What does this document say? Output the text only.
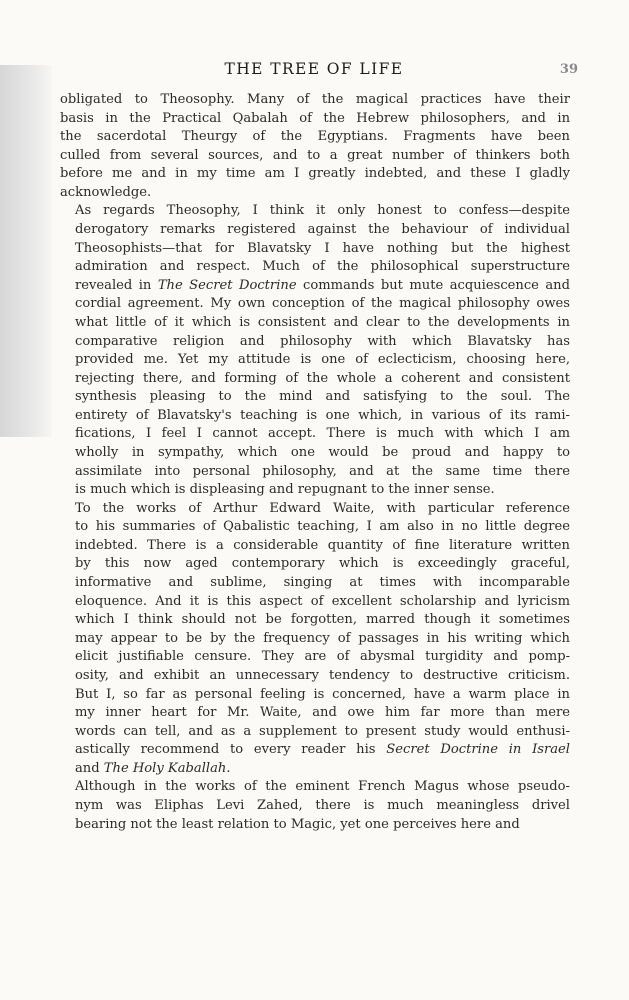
THE TREE OF LIFE	39

obligated to Theosophy. Many of the magical practices have their
basis in the Practical Qabalah of the Hebrew philosophers, and in
the sacerdotal Theurgy of the Egyptians. Fragments have been
culled from several sources, and to a great number of thinkers both
before me and in my time am I greatly indebted, and these I gladly
acknowledge.

As regards Theosophy, I think it only honest to confess—despite
derogatory remarks registered against the behaviour of individual
Theosophists—that for Blavatsky I have nothing but the highest
admiration and respect. Much of the philosophical superstructure
revealed in The Secret Doctrine commands but mute acquiescence and
cordial agreement. My own conception of the magical philosophy owes
what little of it which is consistent and clear to the developments in
comparative religion and philosophy with which Blavatsky has
provided me. Yet my attitude is one of eclecticism, choosing here,
rejecting there, and forming of the whole a coherent and consistent
synthesis pleasing to the mind and satisfying to the soul. The
entirety of Blavatsky's teaching is one which, in various of its rami-
fications, I feel I cannot accept. There is much with which I am
wholly in sympathy, which one would be proud and happy to
assimilate into personal philosophy, and at the same time there
is much which is displeasing and repugnant to the inner sense.

To the works of Arthur Edward Waite, with particular reference
to his summaries of Qabalistic teaching, I am also in no little degree
indebted. There is a considerable quantity of fine literature written
by this now aged contemporary which is exceedingly graceful,
informative and sublime, singing at times with incomparable
eloquence. And it is this aspect of excellent scholarship and lyricism
which I think should not be forgotten, marred though it sometimes
may appear to be by the frequency of passages in his writing which
elicit justifiable censure. They are of abysmal turgidity and pomp-
osity, and exhibit an unnecessary tendency to destructive criticism.
But I, so far as personal feeling is concerned, have a warm place in
my inner heart for Mr. Waite, and owe him far more than mere
words can tell, and as a supplement to present study would enthusi-
astically recommend to every reader his Secret Doctrine in Israel
and The Holy Kaballah.

Although in the works of the eminent French Magus whose pseudo-
nym was Eliphas Levi Zahed, there is much meaningless drivel
bearing not the least relation to Magic, yet one perceives here and
